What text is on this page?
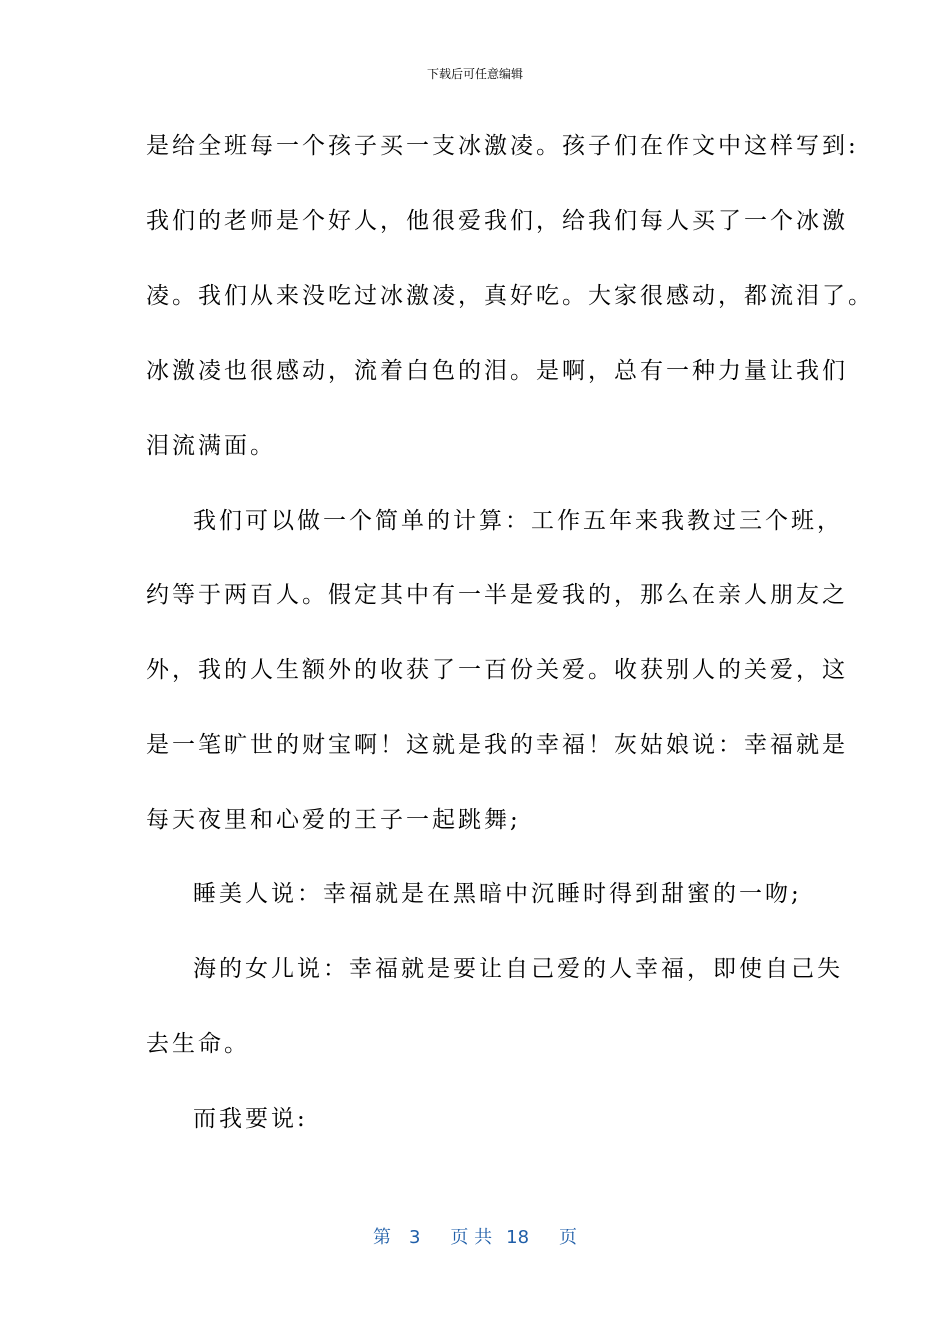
下载后可任意编辑
是给全班每一个孩子买一支冰激凌。孩子们在作文中这样写到:
我们的老师是个好人，他很爱我们，给我们每人买了一个冰激
凌。我们从来没吃过冰激凌，真好吃。大家很感动，都流泪了。
冰激凌也很感动，流着白色的泪。是啊，总有一种力量让我们
泪流满面。
我们可以做一个简单的计算：工作五年来我教过三个班，
约等于两百人。假定其中有一半是爱我的，那么在亲人朋友之
外，我的人生额外的收获了一百份关爱。收获别人的关爱，这
是一笔旷世的财宝啊！这就是我的幸福！灰姑娘说：幸福就是
每天夜里和心爱的王子一起跳舞;
睡美人说：幸福就是在黑暗中沉睡时得到甜蜜的一吻;
海的女儿说：幸福就是要让自己爱的人幸福，即使自己失
去生命。
而我要说:
第 3 页 共 18 页
